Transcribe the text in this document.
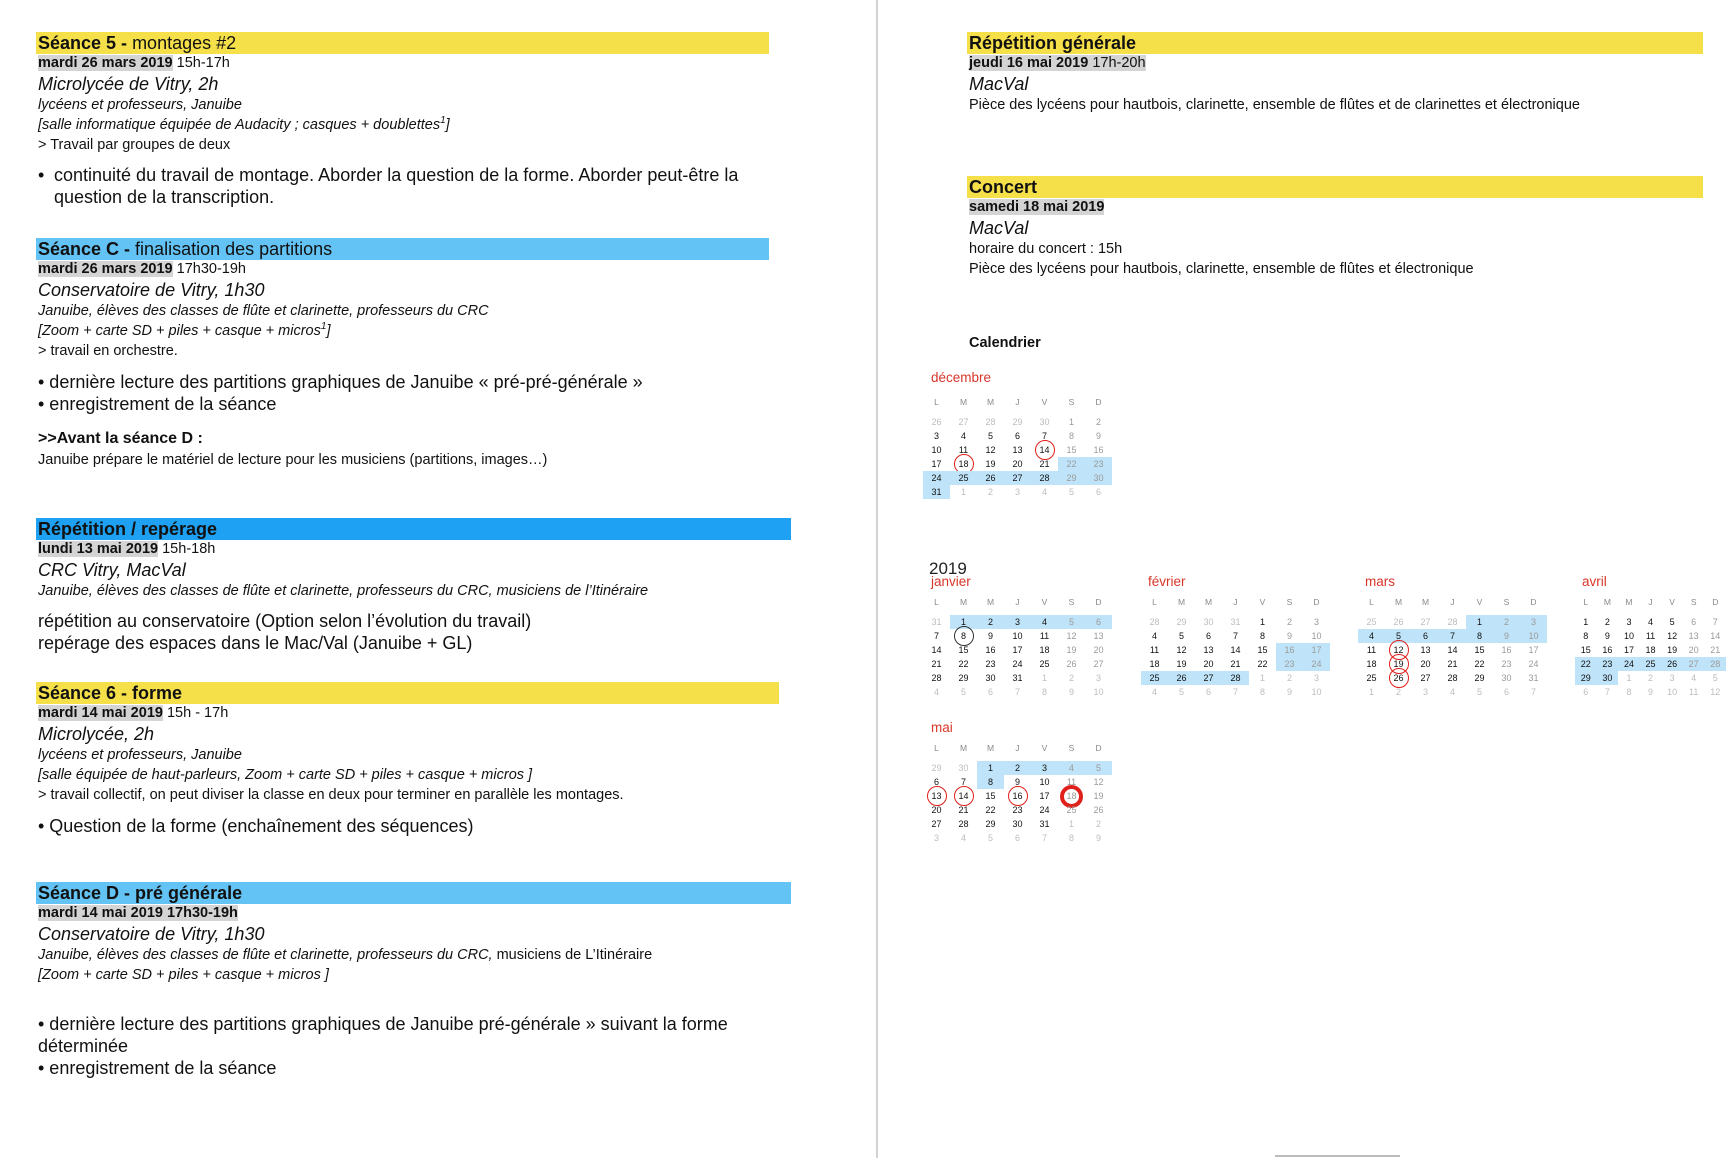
Séance 5 - montages #2
mardi 26 mars 2019 15h-17h
Microlycée de Vitry, 2h
lycéens et professeurs, Januibe
[salle informatique équipée de Audacity ; casques + doublettes$^1$]
> Travail par groupes de deux
• continuité du travail de montage. Aborder la question de la forme. Aborder peut-être la question de la transcription.
Séance C - finalisation des partitions
mardi 26 mars 2019 17h30-19h
Conservatoire de Vitry, 1h30
Januibe, élèves des classes de flûte et clarinette, professeurs du CRC
[Zoom + carte SD + piles + casque + micros$^1$]
> travail en orchestre.
• dernière lecture des partitions graphiques de Januibe « pré-pré-générale »
• enregistrement de la séance
>>Avant la séance D :
Januibe prépare le matériel de lecture pour les musiciens (partitions, images…)
Répétition / repérage
lundi 13 mai 2019 15h-18h
CRC Vitry, MacVal
Januibe, élèves des classes de flûte et clarinette, professeurs du CRC, musiciens de l’Itinéraire
répétition au conservatoire (Option selon l’évolution du travail)
repérage des espaces dans le Mac/Val (Januibe + GL)
Séance 6 - forme
mardi 14 mai 2019 15h - 17h
Microlycée, 2h
lycéens et professeurs, Januibe
[salle équipée de haut-parleurs, Zoom + carte SD + piles + casque + micros ]
> travail collectif, on peut diviser la classe en deux pour terminer en parallèle les montages.
• Question de la forme (enchaînement des séquences)
Séance D - pré générale
mardi 14 mai 2019 17h30-19h
Conservatoire de Vitry, 1h30
Januibe, élèves des classes de flûte et clarinette, professeurs du CRC, musiciens de L’Itinéraire
[Zoom + carte SD + piles + casque + micros ]
• dernière lecture des partitions graphiques de Januibe pré-générale » suivant la forme déterminée
• enregistrement de la séance
Répétition générale
jeudi 16 mai 2019 17h-20h
MacVal
Pièce des lycéens pour hautbois, clarinette, ensemble de flûtes et de clarinettes et électronique
Concert
samedi 18 mai 2019
MacVal
horaire du concert : 15h
Pièce des lycéens pour hautbois, clarinette, ensemble de flûtes et électronique
Calendrier
2019
décembre
L	M	M	J	V	S	D
26	27	28	29	30	1	2
3	4	5	6	7	8	9
10	11	12	13	14	15	16
17	18	19	20	21	22	23
24	25	26	27	28	29	30
31	1	2	3	4	5	6
janvier
L	M	M	J	V	S	D
31	1	2	3	4	5	6
7	8	9	10	11	12	13
14	15	16	17	18	19	20
21	22	23	24	25	26	27
28	29	30	31	1	2	3
4	5	6	7	8	9	10
février
L	M	M	J	V	S	D
28	29	30	31	1	2	3
4	5	6	7	8	9	10
11	12	13	14	15	16	17
18	19	20	21	22	23	24
25	26	27	28	1	2	3
4	5	6	7	8	9	10
mars
L	M	M	J	V	S	D
25	26	27	28	1	2	3
4	5	6	7	8	9	10
11	12	13	14	15	16	17
18	19	20	21	22	23	24
25	26	27	28	29	30	31
1	2	3	4	5	6	7
avril
L	M	M	J	V	S	D
1	2	3	4	5	6	7
8	9	10	11	12	13	14
15	16	17	18	19	20	21
22	23	24	25	26	27	28
29	30	1	2	3	4	5
6	7	8	9	10	11	12
mai
L	M	M	J	V	S	D
29	30	1	2	3	4	5
6	7	8	9	10	11	12
13	14	15	16	17	18	19
20	21	22	23	24	25	26
27	28	29	30	31	1	2
3	4	5	6	7	8	9
